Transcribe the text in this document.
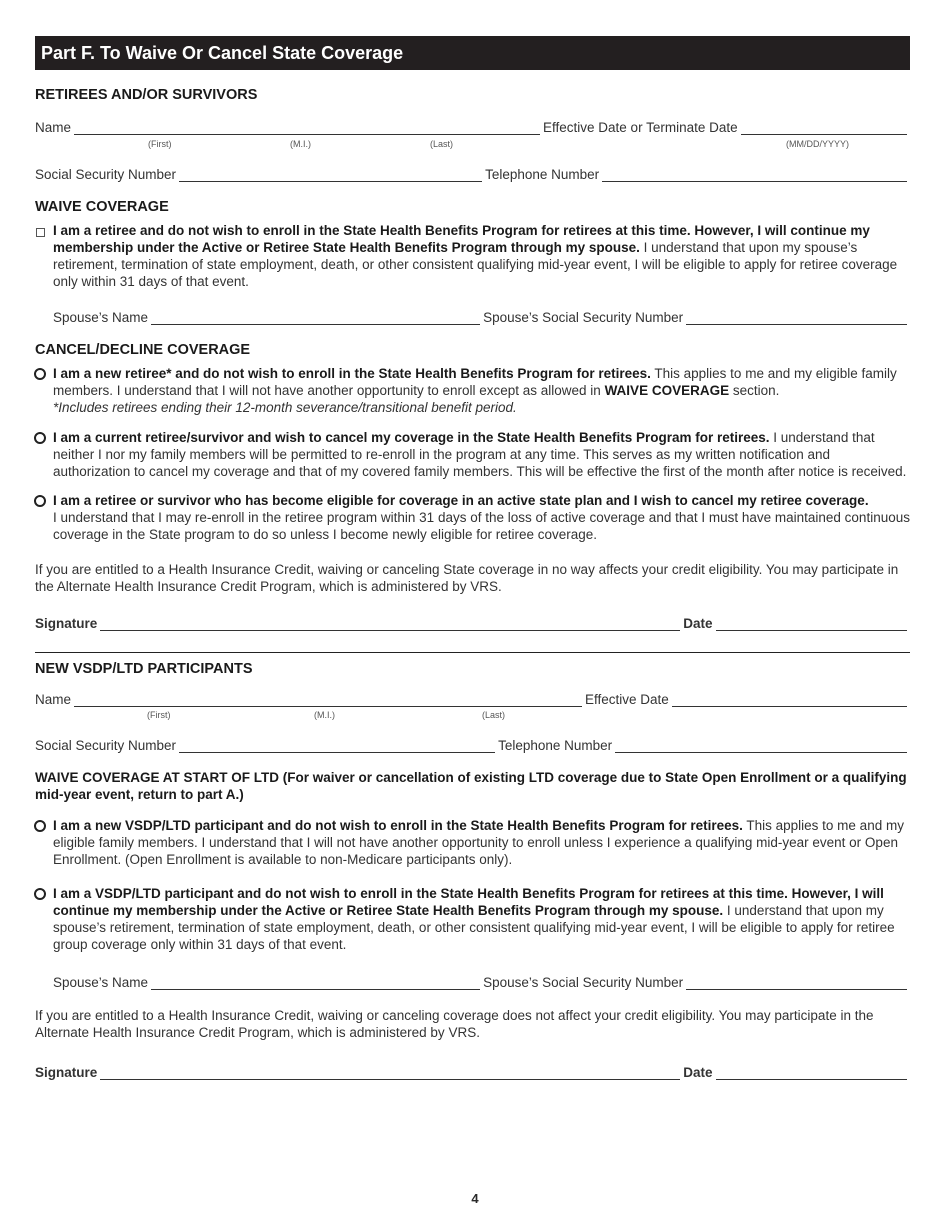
Part F. To Waive Or Cancel State Coverage
RETIREES AND/OR SURVIVORS
Name	Effective Date or Terminate Date
(First)	(M.I.)	(Last)	(MM/DD/YYYY)
Social Security Number	Telephone Number
WAIVE COVERAGE
I am a retiree and do not wish to enroll in the State Health Benefits Program for retirees at this time. However, I will continue my membership under the Active or Retiree State Health Benefits Program through my spouse. I understand that upon my spouse’s retirement, termination of state employment, death, or other consistent qualifying mid-year event, I will be eligible to apply for retiree coverage only within 31 days of that event.
Spouse’s Name	Spouse’s Social Security Number
CANCEL/DECLINE COVERAGE
I am a new retiree* and do not wish to enroll in the State Health Benefits Program for retirees. This applies to me and my eligible family members. I understand that I will not have another opportunity to enroll except as allowed in WAIVE COVERAGE section.
*Includes retirees ending their 12-month severance/transitional benefit period.
I am a current retiree/survivor and wish to cancel my coverage in the State Health Benefits Program for retirees. I understand that neither I nor my family members will be permitted to re-enroll in the program at any time. This serves as my written notification and authorization to cancel my coverage and that of my covered family members. This will be effective the first of the month after notice is received.
I am a retiree or survivor who has become eligible for coverage in an active state plan and I wish to cancel my retiree coverage.
I understand that I may re-enroll in the retiree program within 31 days of the loss of active coverage and that I must have maintained continuous coverage in the State program to do so unless I become newly eligible for retiree coverage.
If you are entitled to a Health Insurance Credit, waiving or canceling State coverage in no way affects your credit eligibility. You may participate in the Alternate Health Insurance Credit Program, which is administered by VRS.
Signature	Date
NEW VSDP/LTD PARTICIPANTS
Name	Effective Date
(First)	(M.I.)	(Last)
Social Security Number	Telephone Number
WAIVE COVERAGE AT START OF LTD (For waiver or cancellation of existing LTD coverage due to State Open Enrollment or a qualifying mid-year event, return to part A.)
I am a new VSDP/LTD participant and do not wish to enroll in the State Health Benefits Program for retirees. This applies to me and my eligible family members. I understand that I will not have another opportunity to enroll unless I experience a qualifying mid-year event or Open Enrollment. (Open Enrollment is available to non-Medicare participants only).
I am a VSDP/LTD participant and do not wish to enroll in the State Health Benefits Program for retirees at this time. However, I will continue my membership under the Active or Retiree State Health Benefits Program through my spouse. I understand that upon my spouse’s retirement, termination of state employment, death, or other consistent qualifying mid-year event, I will be eligible to apply for retiree group coverage only within 31 days of that event.
Spouse’s Name	Spouse’s Social Security Number
If you are entitled to a Health Insurance Credit, waiving or canceling coverage does not affect your credit eligibility. You may participate in the Alternate Health Insurance Credit Program, which is administered by VRS.
Signature	Date
4
